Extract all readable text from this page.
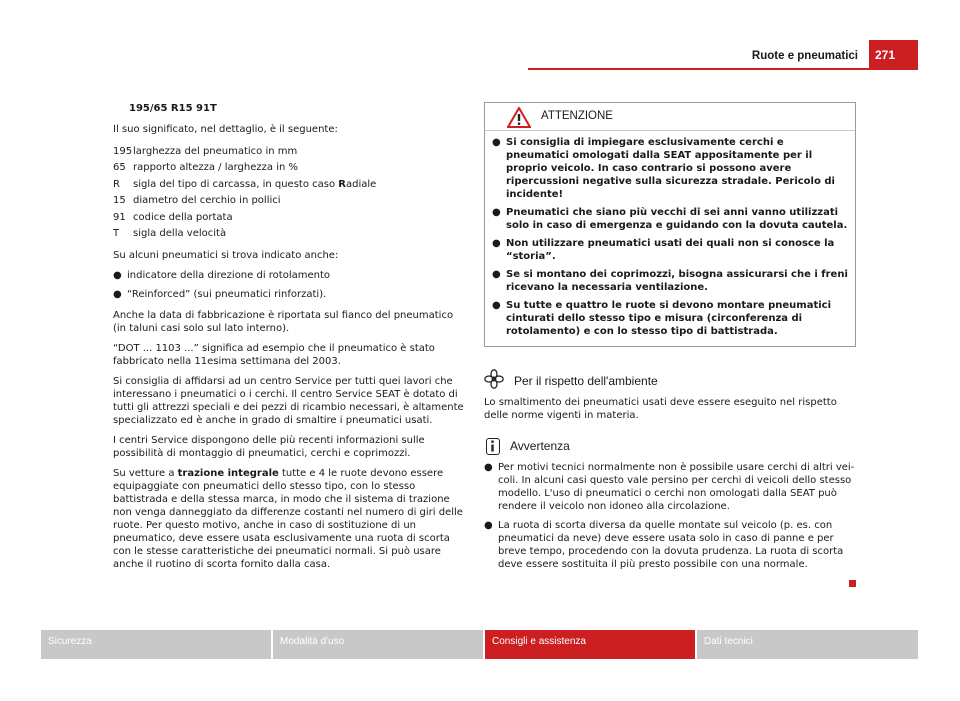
Ruote e pneumatici	271
195/65 R15 91T

Il suo significato, nel dettaglio, è il seguente:

195 larghezza del pneumatico in mm
65 rapporto altezza / larghezza in %
R	sigla del tipo di carcassa, in questo caso Radiale
15 diametro del cerchio in pollici
91 codice della portata
T	sigla della velocità

Su alcuni pneumatici si trova indicato anche:

● indicatore della direzione di rotolamento
● “Reinforced” (sui pneumatici rinforzati).

Anche la data di fabbricazione è riportata sul fianco del pneumatico (in taluni casi solo sul lato interno).

“DOT ... 1103 ...” significa ad esempio che il pneumatico è stato fabbricato nella 11esima settimana del 2003.

Si consiglia di affidarsi ad un centro Service per tutti quei lavori che interessano i pneumatici o i cerchi. Il centro Service SEAT è dotato di tutti gli attrezzi speciali e dei pezzi di ricambio necessari, è altamente specializzato ed è anche in grado di smaltire i pneumatici usati.

I centri Service dispongono delle più recenti informazioni sulle possibilità di montaggio di pneumatici, cerchi e coprimozzi.

Su vetture a trazione integrale tutte e 4 le ruote devono essere equipaggiate con pneumatici dello stesso tipo, con lo stesso battistrada e della stessa marca, in modo che il sistema di trazione non venga danneggiato da differenze costanti nel numero di giri delle ruote. Per questo motivo, anche in caso di sostituzione di un pneumatico, deve essere usata esclusivamente una ruota di scorta con le stesse caratteristiche dei pneumatici normali. Si può usare anche il ruotino di scorta fornito dalla casa.

ATTENZIONE
● Si consiglia di impiegare esclusivamente cerchi e pneumatici omologati dalla SEAT appositamente per il proprio veicolo. In caso contrario si possono avere ripercussioni negative sulla sicurezza stradale. Pericolo di incidente!
● Pneumatici che siano più vecchi di sei anni vanno utilizzati solo in caso di emergenza e guidando con la dovuta cautela.
● Non utilizzare pneumatici usati dei quali non si conosce la “storia”.
● Se si montano dei coprimozzi, bisogna assicurarsi che i freni ricevano la necessaria ventilazione.
● Su tutte e quattro le ruote si devono montare pneumatici cinturati dello stesso tipo e misura (circonferenza di rotolamento) e con lo stesso tipo di battistrada.
Per il rispetto dell'ambiente

Lo smaltimento dei pneumatici usati deve essere eseguito nel rispetto delle norme vigenti in materia.

Avvertenza
● Per motivi tecnici normalmente non è possibile usare cerchi di altri veicoli. In alcuni casi questo vale persino per cerchi di veicoli dello stesso modello. L'uso di pneumatici o cerchi non omologati dalla SEAT può rendere il veicolo non idoneo alla circolazione.
● La ruota di scorta diversa da quelle montate sul veicolo (p. es. con pneumatici da neve) deve essere usata solo in caso di panne e per breve tempo, procedendo con la dovuta prudenza. La ruota di scorta deve essere sostituita il più presto possibile con una normale.
Sicurezza	Modalità d'uso	Consigli e assistenza	Dati tecnici
